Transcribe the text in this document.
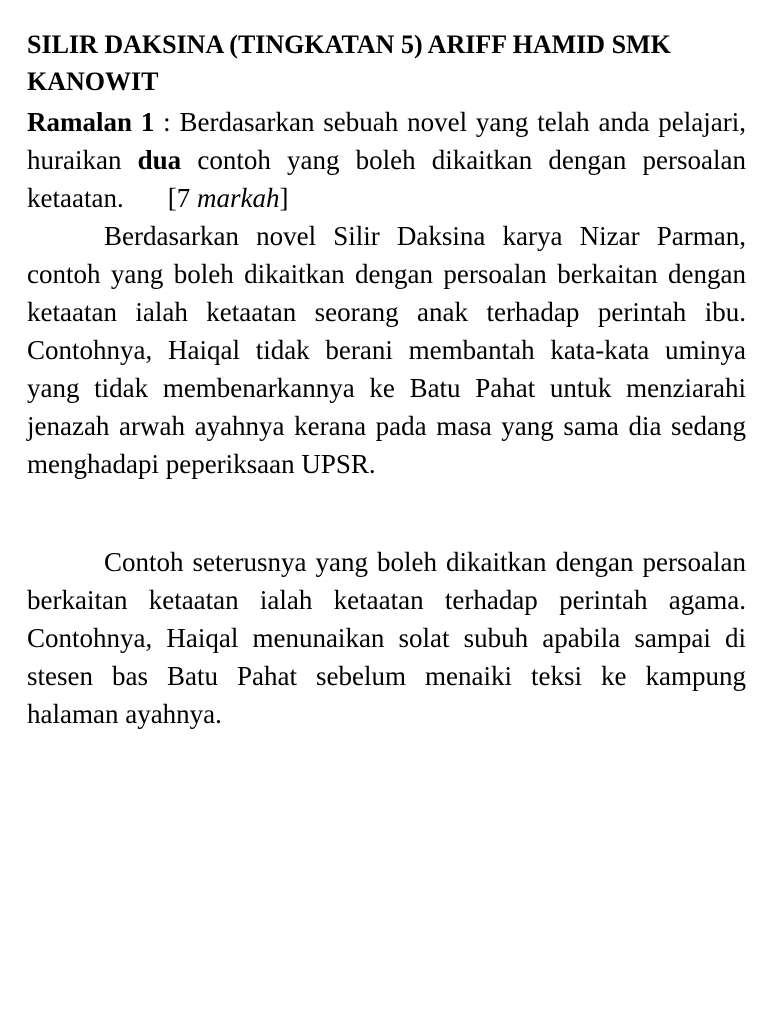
SILIR DAKSINA (TINGKATAN 5) ARIFF HAMID SMK KANOWIT

Ramalan 1 : Berdasarkan sebuah novel yang telah anda pelajari, huraikan dua contoh yang boleh dikaitkan dengan persoalan ketaatan. [7 markah]

Berdasarkan novel Silir Daksina karya Nizar Parman, contoh yang boleh dikaitkan dengan persoalan berkaitan dengan ketaatan ialah ketaatan seorang anak terhadap perintah ibu. Contohnya, Haiqal tidak berani membantah kata-kata uminya yang tidak membenarkannya ke Batu Pahat untuk menziarahi jenazah arwah ayahnya kerana pada masa yang sama dia sedang menghadapi peperiksaan UPSR.

Contoh seterusnya yang boleh dikaitkan dengan persoalan berkaitan ketaatan ialah ketaatan terhadap perintah agama. Contohnya, Haiqal menunaikan solat subuh apabila sampai di stesen bas Batu Pahat sebelum menaiki teksi ke kampung halaman ayahnya.
